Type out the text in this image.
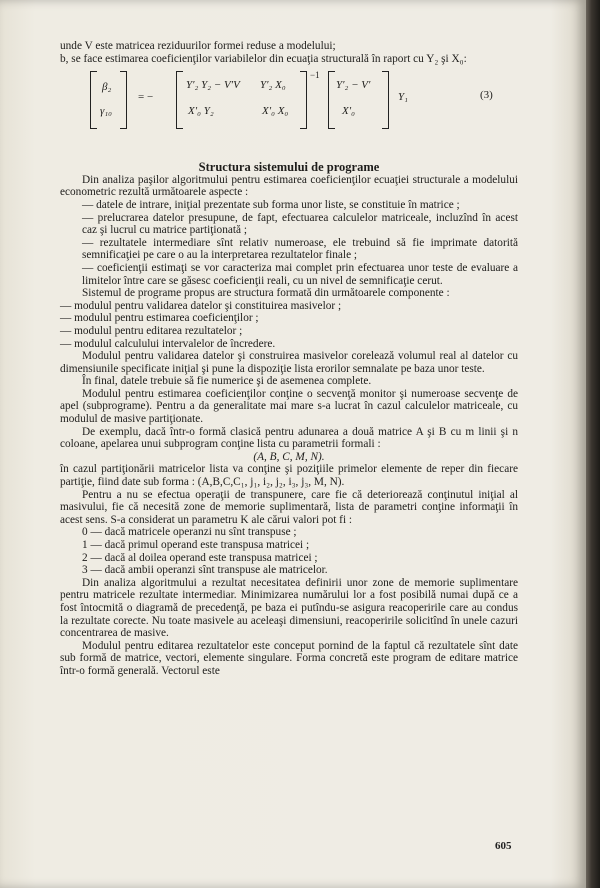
unde V este matricea reziduurilor formei reduse a modelului;

b, se face estimarea coeficienţilor variabilelor din ecuaţia structurală în raport cu Y₂ şi X₀:

β₂
γ₁₀
= −
Y′₂ Y₂ − V′V Y′₂ X₀
X′₀ Y₂	X′₀ X₀
−1
Y′₂ − V′
X′₀
Y₁	(3)

Structura sistemului de programe

Din analiza paşilor algoritmului pentru estimarea coeficienţilor ecuaţiei structurale a modelului econometric rezultă următoarele aspecte :

— datele de intrare, iniţial prezentate sub forma unor liste, se constituie în matrice ;

— prelucrarea datelor presupune, de fapt, efectuarea calculelor matriceale, incluzînd în acest caz şi lucrul cu matrice partiţionată ;

— rezultatele intermediare sînt relativ numeroase, ele trebuind să fie imprimate datorită semnificaţiei pe care o au la interpretarea rezultatelor finale ;

— coeficienţii estimaţi se vor caracteriza mai complet prin efectuarea unor teste de evaluare a limitelor între care se găsesc coeficienţii reali, cu un nivel de semnificaţie cerut.

Sistemul de programe propus are structura formată din următoarele componente :

— modulul pentru validarea datelor şi constituirea masivelor ;

— modulul pentru estimarea coeficienţilor ;

— modulul pentru editarea rezultatelor ;

— modulul calculului intervalelor de încredere.

Modulul pentru validarea datelor şi construirea masivelor corelează volumul real al datelor cu dimensiunile specificate iniţial şi pune la dispoziţie lista erorilor semnalate pe baza unor teste.

În final, datele trebuie să fie numerice şi de asemenea complete.

Modulul pentru estimarea coeficienţilor conţine o secvenţă monitor şi numeroase secvenţe de apel (subprograme). Pentru a da generalitate mai mare s-a lucrat în cazul calculelor matriceale, cu modulul de masive partiţionate.

De exemplu, dacă într-o formă clasică pentru adunarea a două matrice A şi B cu m linii şi n coloane, apelarea unui subprogram conţine lista cu parametrii formali :

(A, B, C, M, N).

în cazul partiţionării matricelor lista va conţine şi poziţiile primelor elemente de reper din fiecare partiţie, fiind date sub forma : (A,B,C,C₁, j₁, i₂, j₂, i₃, j₃, M, N).

Pentru a nu se efectua operaţii de transpunere, care fie că deteriorează conţinutul iniţial al masivului, fie că necesită zone de memorie suplimentară, lista de parametri conţine informaţii în acest sens. S-a considerat un parametru K ale cărui valori pot fi :

0 — dacă matricele operanzi nu sînt transpuse ;

1 — dacă primul operand este transpusa matricei ;

2 — dacă al doilea operand este transpusa matricei ;

3 — dacă ambii operanzi sînt transpuse ale matricelor.

Din analiza algoritmului a rezultat necesitatea definirii unor zone de memorie suplimentare pentru matricele rezultate intermediar. Minimizarea numărului lor a fost posibilă numai după ce a fost întocmită o diagramă de precedenţă, pe baza ei putîndu-se asigura reacoperirile care au condus la rezultate corecte. Nu toate masivele au aceleaşi dimensiuni, reacoperirile solicitînd în unele cazuri concentrarea de masive.

Modulul pentru editarea rezultatelor este conceput pornind de la faptul că rezultatele sînt date sub formă de matrice, vectori, elemente singulare. Forma concretă este program de editare matrice într-o formă generală. Vectorul este

605
